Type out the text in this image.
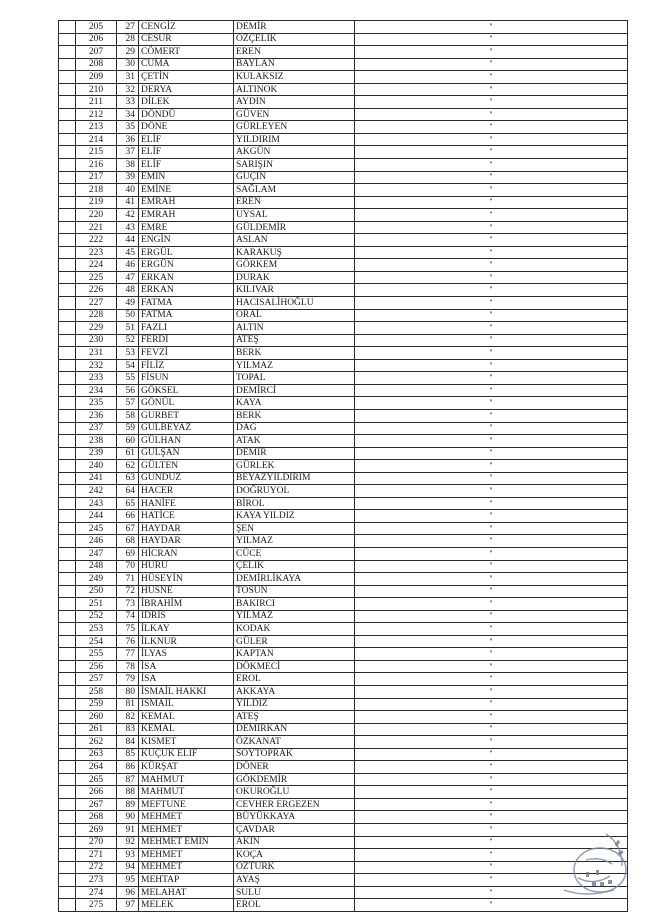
	205	27	CENGİZ	DEMİR	"
	206	28	CESUR	ÖZÇELİK	"
	207	29	CÖMERT	EREN	"
	208	30	CUMA	BAYLAN	"
	209	31	ÇETİN	KULAKSIZ	"
	210	32	DERYA	ALTINOK	"
	211	33	DİLEK	AYDIN	"
	212	34	DÖNDÜ	GÜVEN	"
	213	35	DÖNE	GÜRLEYEN	"
	214	36	ELİF	YILDIRIM	"
	215	37	ELİF	AKGÜN	"
	216	38	ELİF	SARIŞIN	"
	217	39	EMİN	GÜÇİN	"
	218	40	EMİNE	SAĞLAM	"
	219	41	EMRAH	EREN	"
	220	42	EMRAH	UYSAL	"
	221	43	EMRE	GÜLDEMİR	"
	222	44	ENGİN	ASLAN	"
	223	45	ERGÜL	KARAKUŞ	"
	224	46	ERGÜN	GÖRKEM	"
	225	47	ERKAN	DURAK	"
	226	48	ERKAN	KILIVAR	"
	227	49	FATMA	HACISALİHOĞLU	"
	228	50	FATMA	ORAL	"
	229	51	FAZLI	ALTIN	"
	230	52	FERDİ	ATEŞ	"
	231	53	FEVZİ	BERK	"
	232	54	FİLİZ	YILMAZ	"
	233	55	FİSUN	TOPAL	"
	234	56	GÖKSEL	DEMİRCİ	"
	235	57	GÖNÜL	KAYA	"
	236	58	GURBET	BERK	"
	237	59	GÜLBEYAZ	DAĞ	"
	238	60	GÜLHAN	ATAK	"
	239	61	GÜLŞAN	DEMİR	"
	240	62	GÜLTEN	GÜRLEK	"
	241	63	GÜNDÜZ	BEYAZYILDIRIM	"
	242	64	HACER	DOĞRUYOL	"
	243	65	HANİFE	BİROL	"
	244	66	HATİCE	KAYA YILDIZ	"
	245	67	HAYDAR	ŞEN	"
	246	68	HAYDAR	YILMAZ	"
	247	69	HİCRAN	CÜCE	"
	248	70	HÜRÜ	ÇELİK	"
	249	71	HÜSEYİN	DEMİRLİKAYA	"
	250	72	HÜSNE	TOSUN	"
	251	73	İBRAHİM	BAKIRCI	"
	252	74	İDRİS	YILMAZ	"
	253	75	İLKAY	KODAK	"
	254	76	İLKNUR	GÜLER	"
	255	77	İLYAS	KAPTAN	"
	256	78	İSA	DÖKMECİ	"
	257	79	İSA	EROL	"
	258	80	İSMAİL HAKKI	AKKAYA	"
	259	81	İSMAİL	YILDIZ	"
	260	82	KEMAL	ATEŞ	"
	261	83	KEMAL	DEMİRKAN	"
	262	84	KISMET	ÖZKANAT	"
	263	85	KÜÇÜK ELİF	SOYTOPRAK	"
	264	86	KÜRŞAT	DÖNER	"
	265	87	MAHMUT	GÖKDEMİR	"
	266	88	MAHMUT	OKUROĞLU	"
	267	89	MEFTUNE	CEVHER ERGEZEN	"
	268	90	MEHMET	BÜYÜKKAYA	"
	269	91	MEHMET	ÇAVDAR	"
	270	92	MEHMET EMİN	AKIN	"
	271	93	MEHMET	KOÇA	"
	272	94	MEHMET	ÖZTÜRK	"
	273	95	MEHTAP	AYAŞ	"
	274	96	MELAHAT	SULU	"
	275	97	MELEK	EROL	"
